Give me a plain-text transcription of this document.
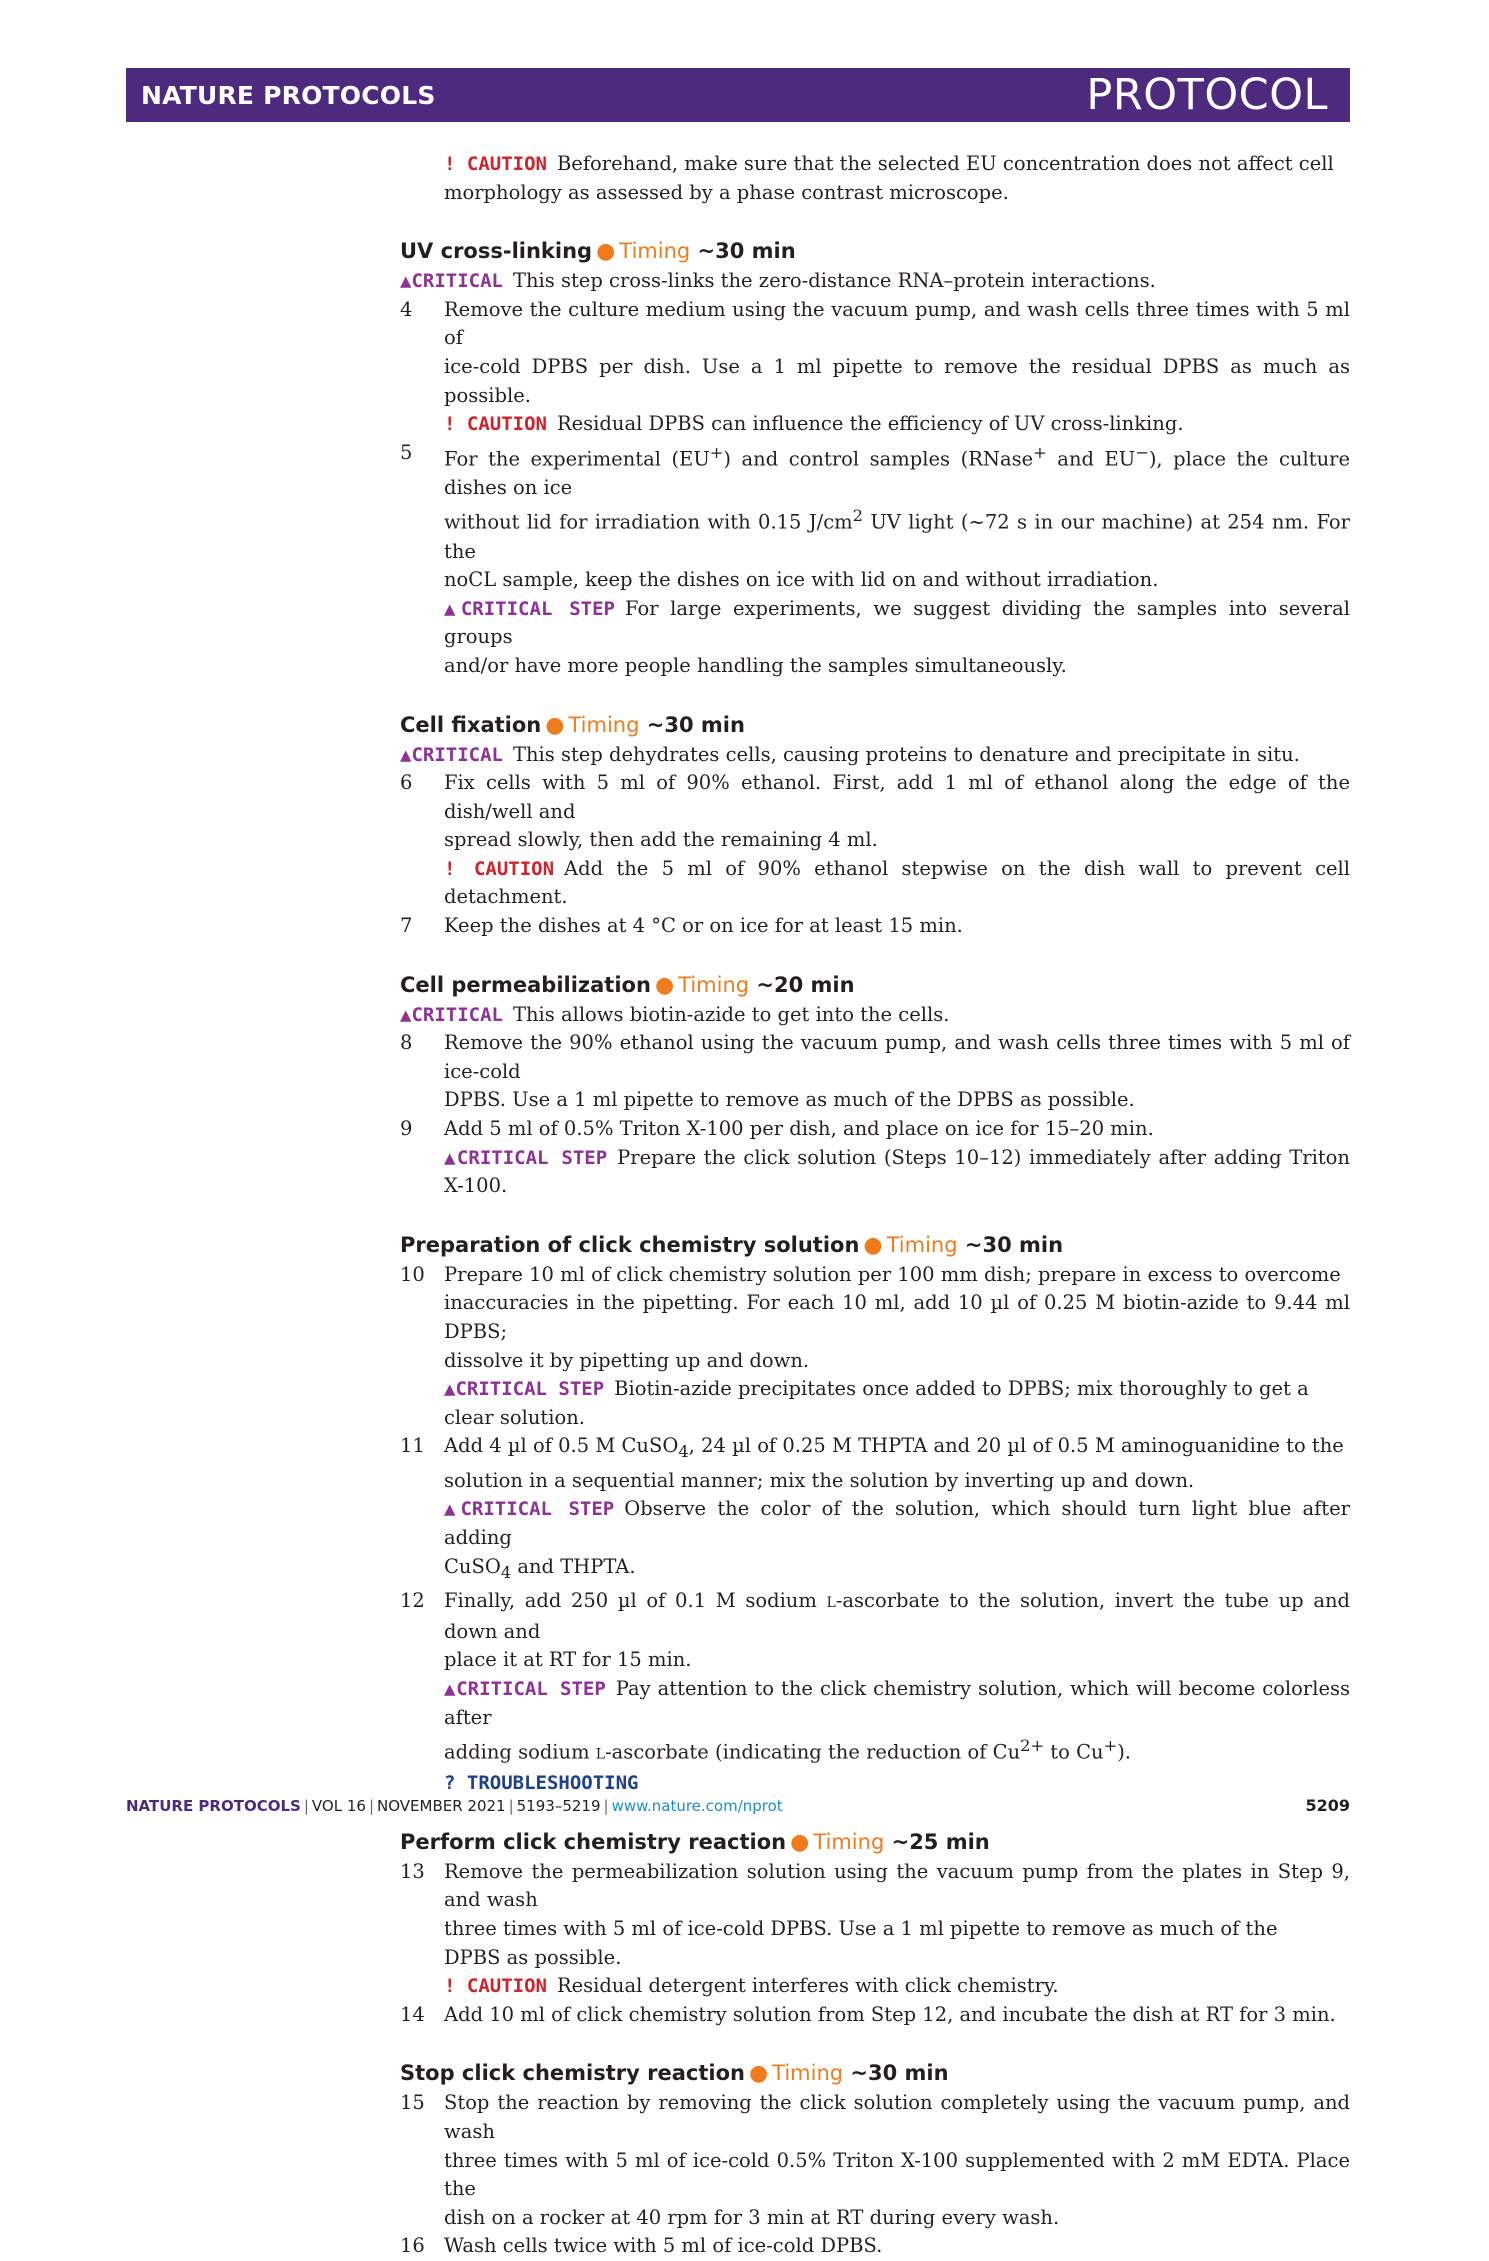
NATURE PROTOCOLS	PROTOCOL
! CAUTION Beforehand, make sure that the selected EU concentration does not affect cell
morphology as assessed by a phase contrast microscope.
UV cross-linking ● Timing ~30 min
▲CRITICAL This step cross-links the zero-distance RNA–protein interactions.
4	Remove the culture medium using the vacuum pump, and wash cells three times with 5 ml of
ice-cold DPBS per dish. Use a 1 ml pipette to remove the residual DPBS as much as possible.
! CAUTION Residual DPBS can influence the efficiency of UV cross-linking.
5	For the experimental (EU+) and control samples (RNase+ and EU−), place the culture dishes on ice
without lid for irradiation with 0.15 $J/cm^2$ UV light (~72 s in our machine) at 254 nm. For the
noCL sample, keep the dishes on ice with lid on and without irradiation.
▲CRITICAL STEP For large experiments, we suggest dividing the samples into several groups
and/or have more people handling the samples simultaneously.
Cell fixation ● Timing ~30 min
▲CRITICAL This step dehydrates cells, causing proteins to denature and precipitate in situ.
6	Fix cells with 5 ml of 90% ethanol. First, add 1 ml of ethanol along the edge of the dish/well and
spread slowly, then add the remaining 4 ml.
! CAUTION Add the 5 ml of 90% ethanol stepwise on the dish wall to prevent cell detachment.
7	Keep the dishes at 4 °C or on ice for at least 15 min.
Cell permeabilization ● Timing ~20 min
▲CRITICAL This allows biotin-azide to get into the cells.
8	Remove the 90% ethanol using the vacuum pump, and wash cells three times with 5 ml of ice-cold
DPBS. Use a 1 ml pipette to remove as much of the DPBS as possible.
9	Add 5 ml of 0.5% Triton X-100 per dish, and place on ice for 15–20 min.
▲CRITICAL STEP Prepare the click solution (Steps 10–12) immediately after adding Triton X-100.
Preparation of click chemistry solution ● Timing ~30 min
10 Prepare 10 ml of click chemistry solution per 100 mm dish; prepare in excess to overcome
inaccuracies in the pipetting. For each 10 ml, add 10 µl of 0.25 M biotin-azide to 9.44 ml DPBS;
dissolve it by pipetting up and down.
▲CRITICAL STEP Biotin-azide precipitates once added to DPBS; mix thoroughly to get a
clear solution.
11 Add 4 µl of 0.5 M CuSO$_4$, 24 µl of 0.25 M THPTA and 20 µl of 0.5 M aminoguanidine to the
solution in a sequential manner; mix the solution by inverting up and down.
▲CRITICAL STEP Observe the color of the solution, which should turn light blue after adding
CuSO$_4$ and THPTA.
12 Finally, add 250 µl of 0.1 M sodium L-ascorbate to the solution, invert the tube up and down and
place it at RT for 15 min.
▲CRITICAL STEP Pay attention to the click chemistry solution, which will become colorless after
adding sodium L-ascorbate (indicating the reduction of $Cu^{2+}$ to Cu+).
? TROUBLESHOOTING
Perform click chemistry reaction ● Timing ~25 min
13 Remove the permeabilization solution using the vacuum pump from the plates in Step 9, and wash
three times with 5 ml of ice-cold DPBS. Use a 1 ml pipette to remove as much of the
DPBS as possible.
! CAUTION Residual detergent interferes with click chemistry.
14 Add 10 ml of click chemistry solution from Step 12, and incubate the dish at RT for 3 min.
Stop click chemistry reaction ● Timing ~30 min
15 Stop the reaction by removing the click solution completely using the vacuum pump, and wash
three times with 5 ml of ice-cold 0.5% Triton X-100 supplemented with 2 mM EDTA. Place the
dish on a rocker at 40 rpm for 3 min at RT during every wash.
16 Wash cells twice with 5 ml of ice-cold DPBS.
NATURE PROTOCOLS | VOL 16 | NOVEMBER 2021 | 5193–5219 | www.nature.com/nprot	5209
